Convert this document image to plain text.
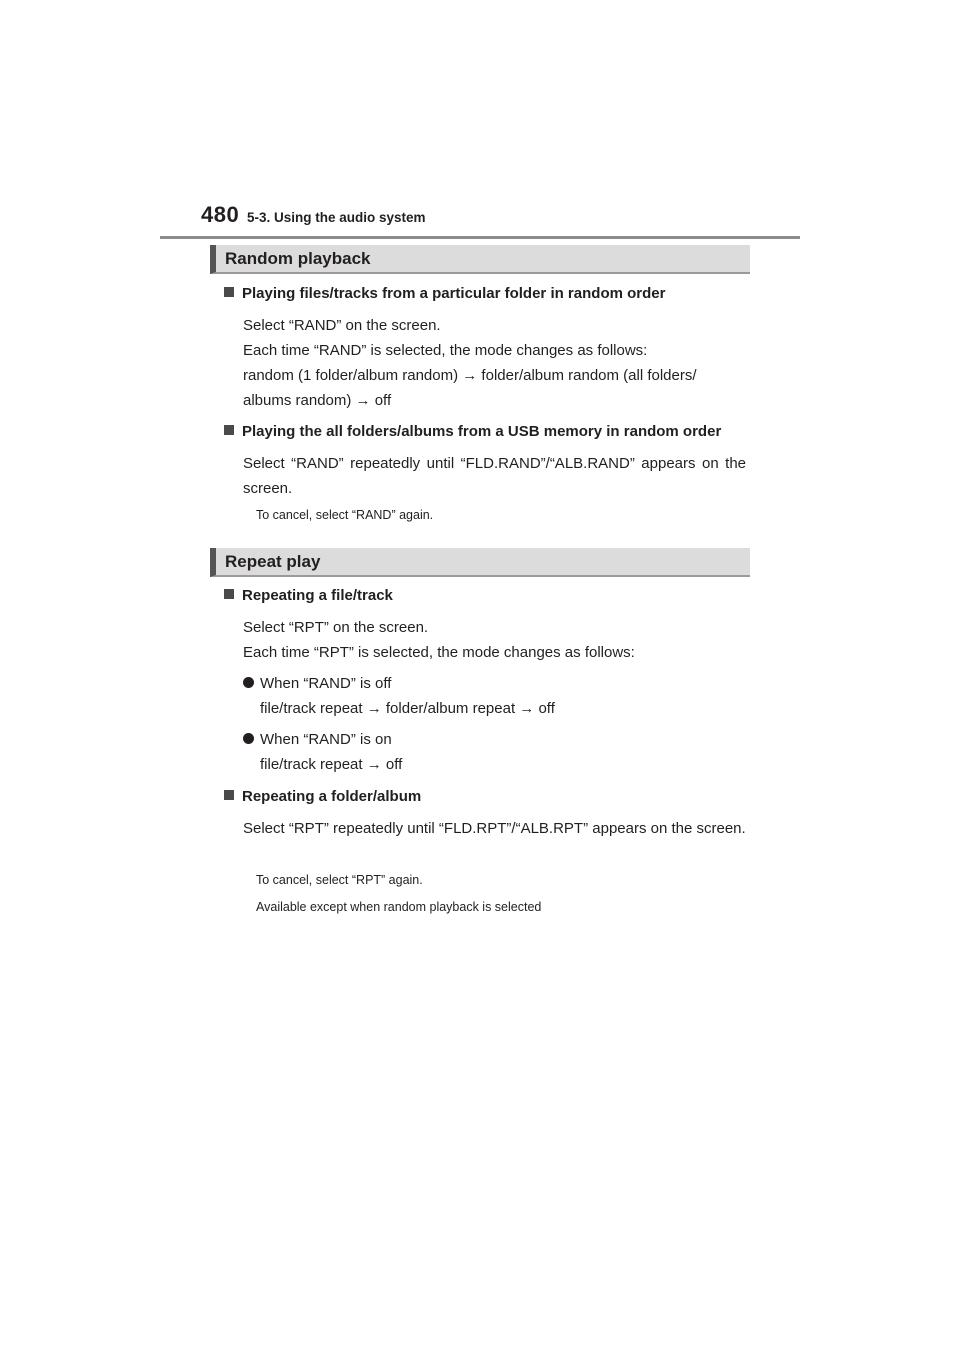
480 5-3. Using the audio system
Random playback
Playing files/tracks from a particular folder in random order
Select “RAND” on the screen.
Each time “RAND” is selected, the mode changes as follows:
random (1 folder/album random) → folder/album random (all folders/
albums random) → off
Playing the all folders/albums from a USB memory in random order
Select “RAND” repeatedly until “FLD.RAND”/“ALB.RAND” appears on the screen.
To cancel, select “RAND” again.
Repeat play
Repeating a file/track
Select “RPT” on the screen.
Each time “RPT” is selected, the mode changes as follows:
When “RAND” is off
file/track repeat → folder/album repeat → off
When “RAND” is on
file/track repeat → off
Repeating a folder/album
Select “RPT” repeatedly until “FLD.RPT”/“ALB.RPT” appears on the screen.
To cancel, select “RPT” again.
Available except when random playback is selected
